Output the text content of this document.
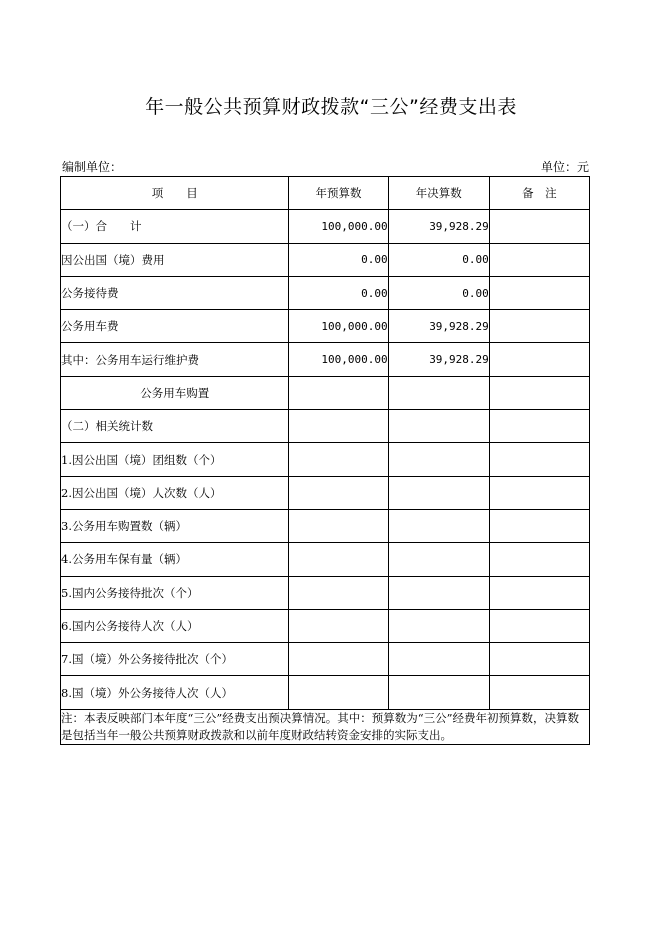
年一般公共预算财政拨款“三公”经费支出表
编制单位：	单位：元
项　　目	年预算数	年决算数	备　注
（一）合　　计	100,000.00	39,928.29	
因公出国（境）费用	0.00	0.00	
公务接待费	0.00	0.00	
公务用车费	100,000.00	39,928.29	
其中：公务用车运行维护费	100,000.00	39,928.29	
公务用车购置			
（二）相关统计数			
1.因公出国（境）团组数（个）			
2.因公出国（境）人次数（人）			
3.公务用车购置数（辆）			
4.公务用车保有量（辆）			
5.国内公务接待批次（个）			
6.国内公务接待人次（人）			
7.国（境）外公务接待批次（个）			
8.国（境）外公务接待人次（人）			
注：本表反映部门本年度“三公”经费支出预决算情况。其中：预算数为“三公”经费年初预算数，决算数是包括当年一般公共预算财政拨款和以前年度财政结转资金安排的实际支出。			
